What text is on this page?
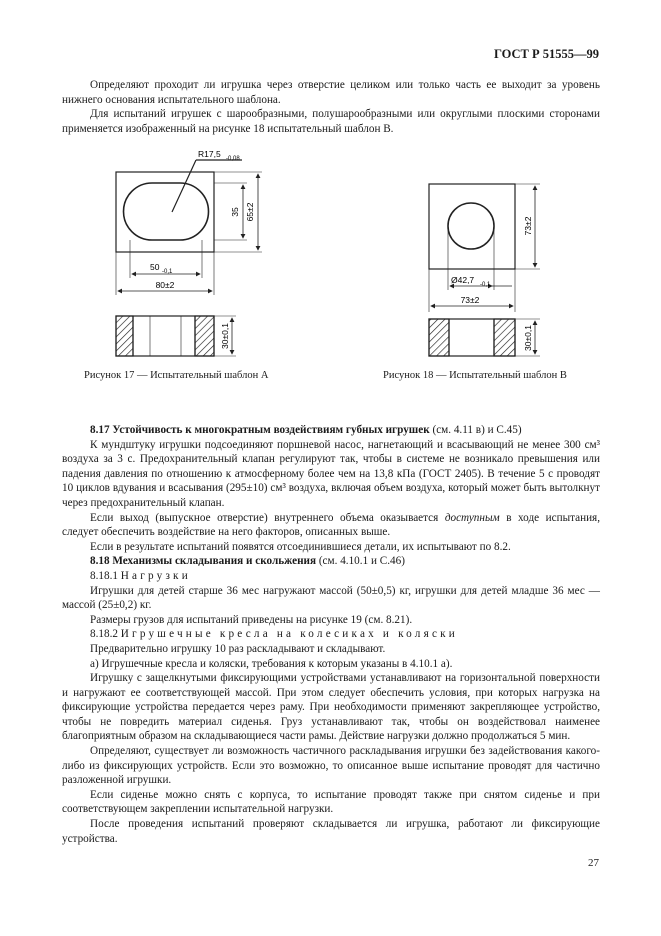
ГОСТ Р 51555—99

Определяют проходит ли игрушка через отверстие целиком или только часть ее выходит за уровень нижнего основания испытательного шаблона.

Для испытаний игрушек с шарообразными, полушарообразными или округлыми плоскими сторонами применяется изображенный на рисунке 18 испытательный шаблон В.

R17,5 -0,08
35 65±2
50 -0,1
80±2
30±0,1
73±2
Ø42,7 -0,1
73±2
30±0,1
Рисунок 17 — Испытательный шаблон А	Рисунок 18 — Испытательный шаблон В

8.17 Устойчивость к многократным воздействиям губных игрушек (см. 4.11 в) и С.45)

К мундштуку игрушки подсоединяют поршневой насос, нагнетающий и всасывающий не менее 300 см³ воздуха за 3 с. Предохранительный клапан регулируют так, чтобы в системе не возникало превышения или падения давления по отношению к атмосферному более чем на 13,8 кПа (ГОСТ 2405). В течение 5 с проводят 10 циклов вдувания и всасывания (295±10) см³ воздуха, включая объем воздуха, который может быть вытолкнут через предохранительный клапан.

Если выход (выпускное отверстие) внутреннего объема оказывается доступным в ходе испытания, следует обеспечить воздействие на него факторов, описанных выше.

Если в результате испытаний появятся отсоединившиеся детали, их испытывают по 8.2.

8.18 Механизмы складывания и скольжения (см. 4.10.1 и С.46)

8.18.1 Нагрузки

Игрушки для детей старше 36 мес нагружают массой (50±0,5) кг, игрушки для детей младше 36 мес — массой (25±0,2) кг.

Размеры грузов для испытаний приведены на рисунке 19 (см. 8.21).

8.18.2 Игрушечные кресла на колесиках и коляски

Предварительно игрушку 10 раз раскладывают и складывают.

а) Игрушечные кресла и коляски, требования к которым указаны в 4.10.1 а).

Игрушку с защелкнутыми фиксирующими устройствами устанавливают на горизонтальной поверхности и нагружают ее соответствующей массой. При этом следует обеспечить условия, при которых нагрузка на фиксирующие устройства передается через раму. При необходимости применяют закрепляющее устройство, чтобы не повредить материал сиденья. Груз устанавливают так, чтобы он воздействовал наименее благоприятным образом на складывающиеся части рамы. Действие нагрузки должно продолжаться 5 мин.

Определяют, существует ли возможность частичного раскладывания игрушки без задействования какого-либо из фиксирующих устройств. Если это возможно, то описанное выше испытание проводят для частично разложенной игрушки.

Если сиденье можно снять с корпуса, то испытание проводят также при снятом сиденье и при соответствующем закреплении испытательной нагрузки.

После проведения испытаний проверяют складывается ли игрушка, работают ли фиксирующие устройства.

27
